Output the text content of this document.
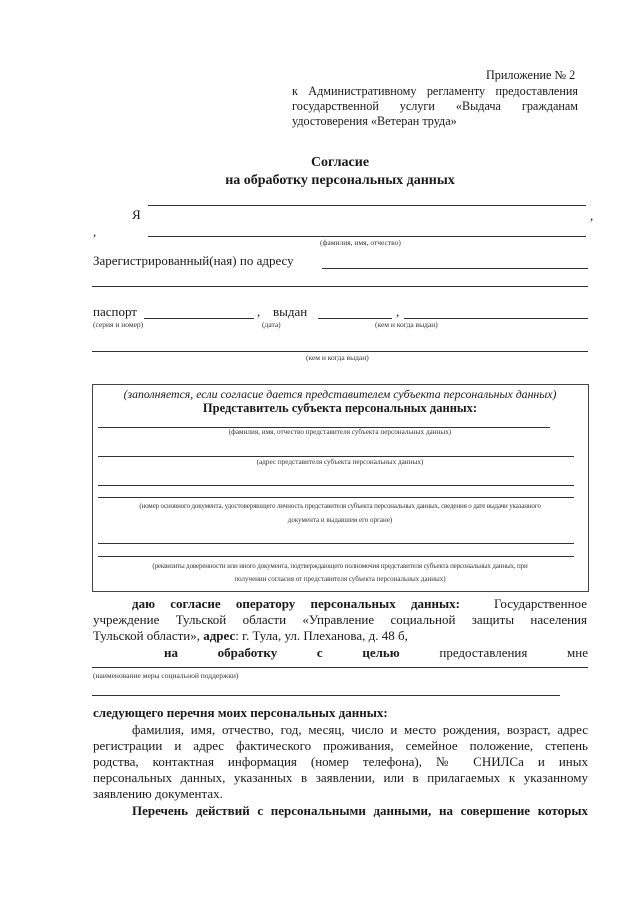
Приложение № 2
к Административному регламенту предоставления
государственной услуги «Выдача гражданам
удостоверения «Ветеран труда»
Согласие
на обработку персональных данных
Я	,
,
(фамилия, имя, отчество)
Зарегистрированный(ная) по адресу
паспорт	, выдан	,
(серия и номер)	(дата)	(кем и когда выдан)
(кем и когда выдан)
(заполняется, если согласие дается представителем субъекта персональных данных)
Представитель субъекта персональных данных:
(фамилия, имя, отчество представителя субъекта персональных данных)
(адрес представителя субъекта персональных данных)
(номер основного документа, удостоверяющего личность представителя субъекта персональных данных, сведения о дате выдачи указанного
документа и выдавшем его органе)
(реквизиты доверенности или иного документа, подтверждающего полномочия представителя субъекта персональных данных, при
получении согласия от представителя субъекта персональных данных)
даю согласие оператору персональных данных:	Государственное
учреждение Тульской области «Управление социальной защиты населения
Тульской области», адрес: г. Тула, ул. Плеханова, д. 48 б,
на	обработку	с	целью	предоставления	мне
(наименование меры социальной поддержки)
следующего перечня моих персональных данных:
фамилия, имя, отчество, год, месяц, число и место рождения, возраст, адрес
регистрации и адрес фактического проживания, семейное положение, степень
родства, контактная информация (номер телефона), № СНИЛСа и иных
персональных данных, указанных в заявлении, или в прилагаемых к указанному
заявлению документах.
Перечень действий с персональными данными, на совершение которых
